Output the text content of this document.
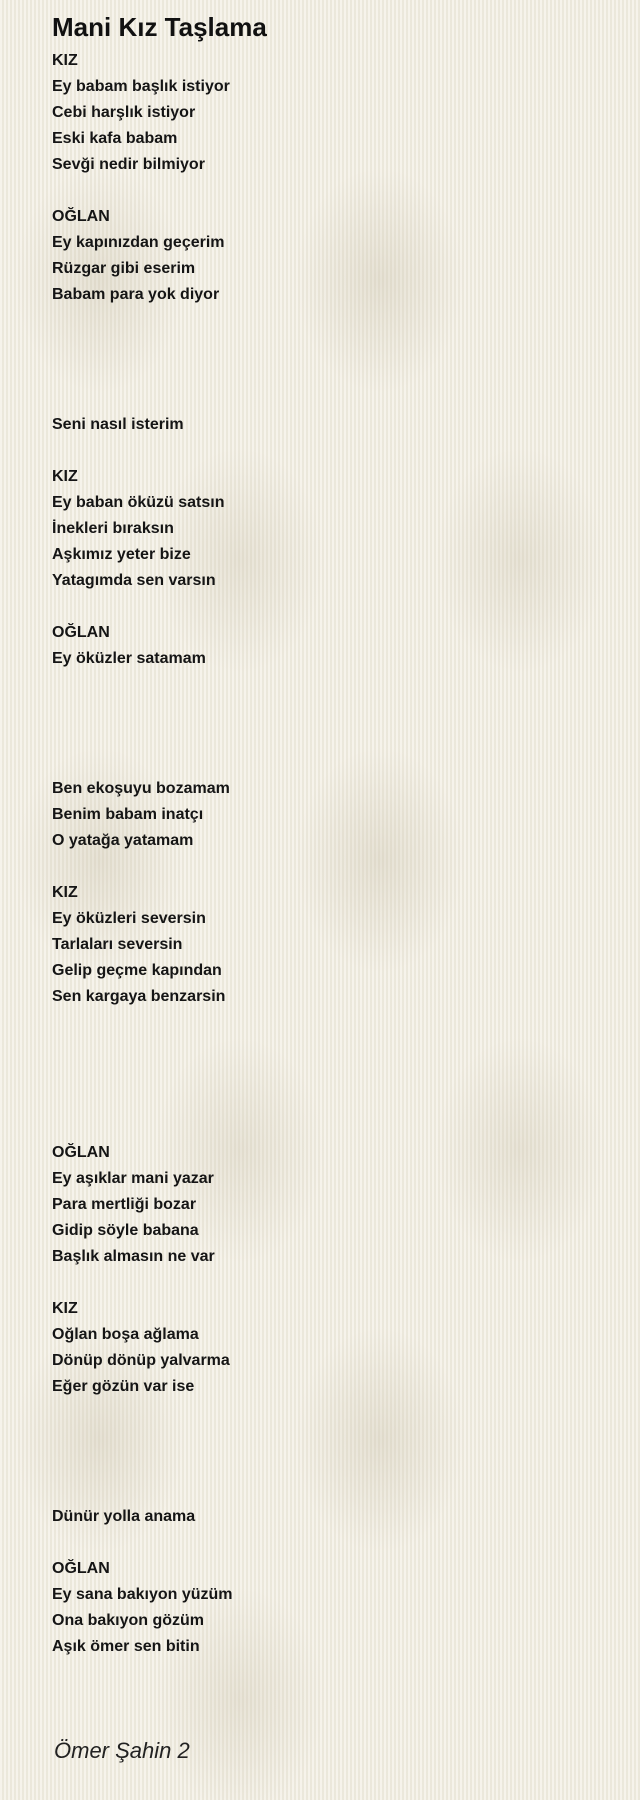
Mani Kız Taşlama
KIZ
Ey babam başlık istiyor
Cebi harşlık istiyor
Eski kafa babam
Sevği nedir bilmiyor
OĞLAN
Ey kapınızdan geçerim
Rüzgar gibi eserim
Babam para yok diyor
Seni nasıl isterim
KIZ
Ey baban öküzü satsın
İnekleri bıraksın
Aşkımız yeter bize
Yatagımda sen varsın
OĞLAN
Ey öküzler satamam
Ben ekoşuyu bozamam
Benim babam inatçı
O yatağa yatamam
KIZ
Ey öküzleri seversin
Tarlaları seversin
Gelip geçme kapından
Sen kargaya benzarsin
OĞLAN
Ey aşıklar mani yazar
Para mertliği bozar
Gidip söyle babana
Başlık almasın ne var
KIZ
Oğlan boşa ağlama
Dönüp dönüp yalvarma
Eğer gözün var ise
Dünür yolla anama
OĞLAN
Ey sana bakıyon yüzüm
Ona bakıyon gözüm
Aşık ömer sen bitin
Ömer Şahin 2
